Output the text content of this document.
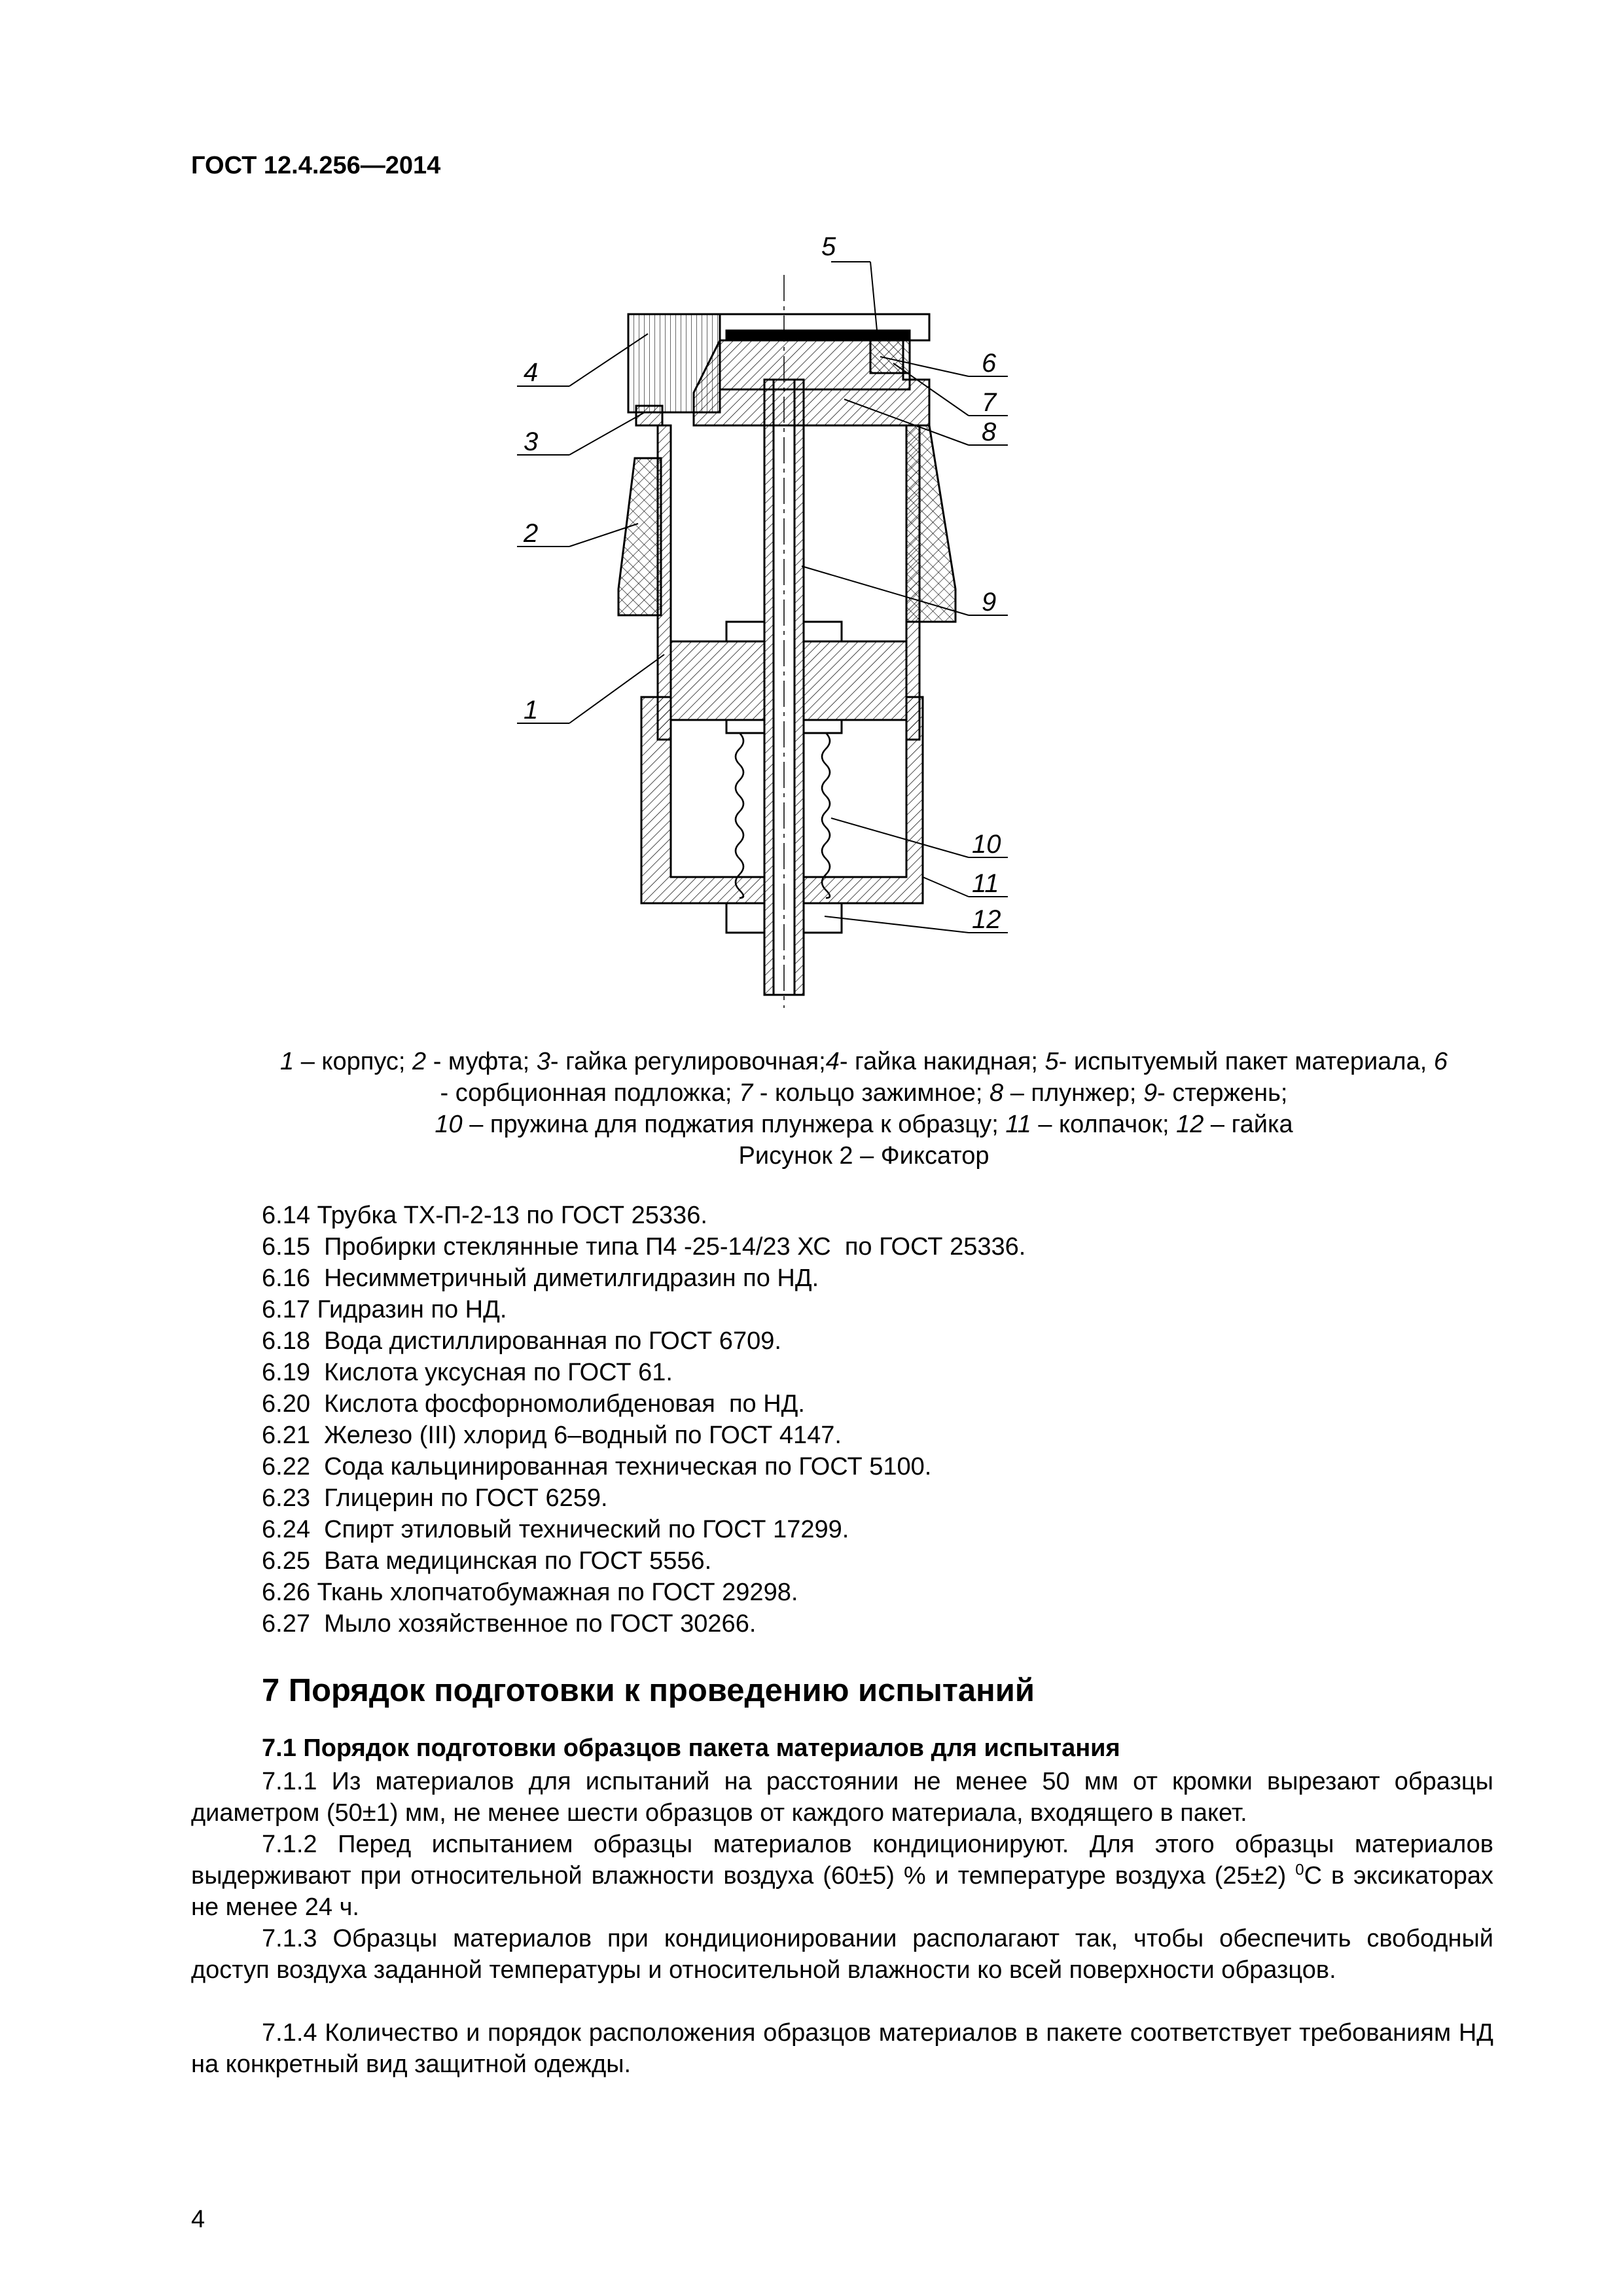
ГОСТ 12.4.256—2014
5
4
3
2
1
6
7
8
9
10
11
12
1 – корпус; 2 - муфта; 3- гайка регулировочная;4- гайка накидная; 5- испытуемый пакет материала, 6 - сорбционная подложка; 7 - кольцо зажимное; 8 – плунжер; 9- стержень;
10 – пружина для поджатия плунжера к образцу; 11 – колпачок; 12 – гайка
Рисунок 2 – Фиксатор
6.14 Трубка ТХ-П-2-13 по ГОСТ 25336.
6.15  Пробирки стеклянные типа П4 -25-14/23 ХС  по ГОСТ 25336.
6.16  Несимметричный диметилгидразин по НД.
6.17 Гидразин по НД.
6.18  Вода дистиллированная по ГОСТ 6709.
6.19  Кислота уксусная по ГОСТ 61.
6.20  Кислота фосфорномолибденовая  по НД.
6.21  Железо (III) хлорид 6–водный по ГОСТ 4147.
6.22  Сода кальцинированная техническая по ГОСТ 5100.
6.23  Глицерин по ГОСТ 6259.
6.24  Спирт этиловый технический по ГОСТ 17299.
6.25  Вата медицинская по ГОСТ 5556.
6.26 Ткань хлопчатобумажная по ГОСТ 29298.
6.27  Мыло хозяйственное по ГОСТ 30266.
7 Порядок подготовки к проведению испытаний
7.1 Порядок подготовки образцов пакета материалов для испытания

7.1.1 Из материалов для испытаний на расстоянии не менее 50 мм от кромки вырезают образцы диаметром (50±1) мм, не менее шести образцов от каждого материала, входящего в пакет.

7.1.2 Перед испытанием образцы материалов кондиционируют. Для этого образцы материалов выдерживают при относительной влажности воздуха (60±5) % и температуре воздуха (25±2) $^0$С в эксикаторах не менее 24 ч.

7.1.3 Образцы материалов при кондиционировании располагают так, чтобы обеспечить свободный доступ воздуха заданной температуры и относительной влажности ко всей поверхности образцов.

7.1.4 Количество и порядок расположения образцов материалов в пакете соответствует требованиям НД на конкретный вид защитной одежды.

4
